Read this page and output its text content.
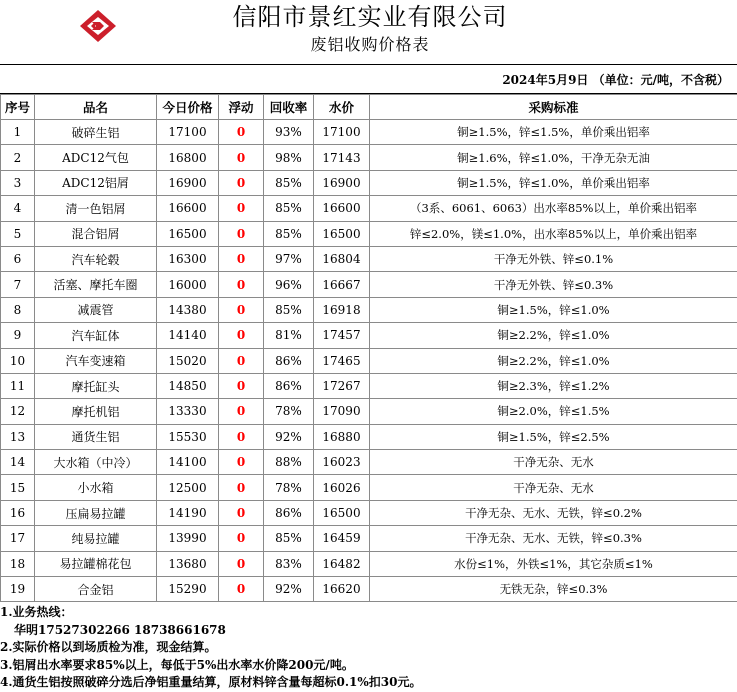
信阳市景红实业有限公司
废铝收购价格表
2024年5月9日 （单位：元/吨，不含税）
序号	品名	今日价格	浮动	回收率	水价	采购标准
1	破碎生铝	17100	0	93%	17100	铜≥1.5%，锌≤1.5%，单价乘出铝率
2	ADC12气包	16800	0	98%	17143	铜≥1.6%，锌≤1.0%，干净无杂无油
3	ADC12铝屑	16900	0	85%	16900	铜≥1.5%，锌≤1.0%，单价乘出铝率
4	清一色铝屑	16600	0	85%	16600	（3系、6061、6063）出水率85%以上，单价乘出铝率
5	混合铝屑	16500	0	85%	16500	锌≤2.0%，镁≤1.0%，出水率85%以上，单价乘出铝率
6	汽车轮毂	16300	0	97%	16804	干净无外铁、锌≤0.1%
7	活塞、摩托车圈	16000	0	96%	16667	干净无外铁、锌≤0.3%
8	减震管	14380	0	85%	16918	铜≥1.5%，锌≤1.0%
9	汽车缸体	14140	0	81%	17457	铜≥2.2%，锌≤1.0%
10	汽车变速箱	15020	0	86%	17465	铜≥2.2%，锌≤1.0%
11	摩托缸头	14850	0	86%	17267	铜≥2.3%，锌≤1.2%
12	摩托机铝	13330	0	78%	17090	铜≥2.0%，锌≤1.5%
13	通货生铝	15530	0	92%	16880	铜≥1.5%，锌≤2.5%
14	大水箱（中冷）	14100	0	88%	16023	干净无杂、无水
15	小水箱	12500	0	78%	16026	干净无杂、无水
16	压扁易拉罐	14190	0	86%	16500	干净无杂、无水、无铁，锌≤0.2%
17	纯易拉罐	13990	0	85%	16459	干净无杂、无水、无铁，锌≤0.3%
18	易拉罐棉花包	13680	0	83%	16482	水份≤1%，外铁≤1%，其它杂质≤1%
19	合金铝	15290	0	92%	16620	无铁无杂，锌≤0.3%
1.业务热线：
华明17527302266 18738661678
2.实际价格以到场质检为准，现金结算。
3.铝屑出水率要求85%以上，每低于5%出水率水价降200元/吨。
4.通货生铝按照破碎分选后净铝重量结算，原材料锌含量每超标0.1%扣30元。
